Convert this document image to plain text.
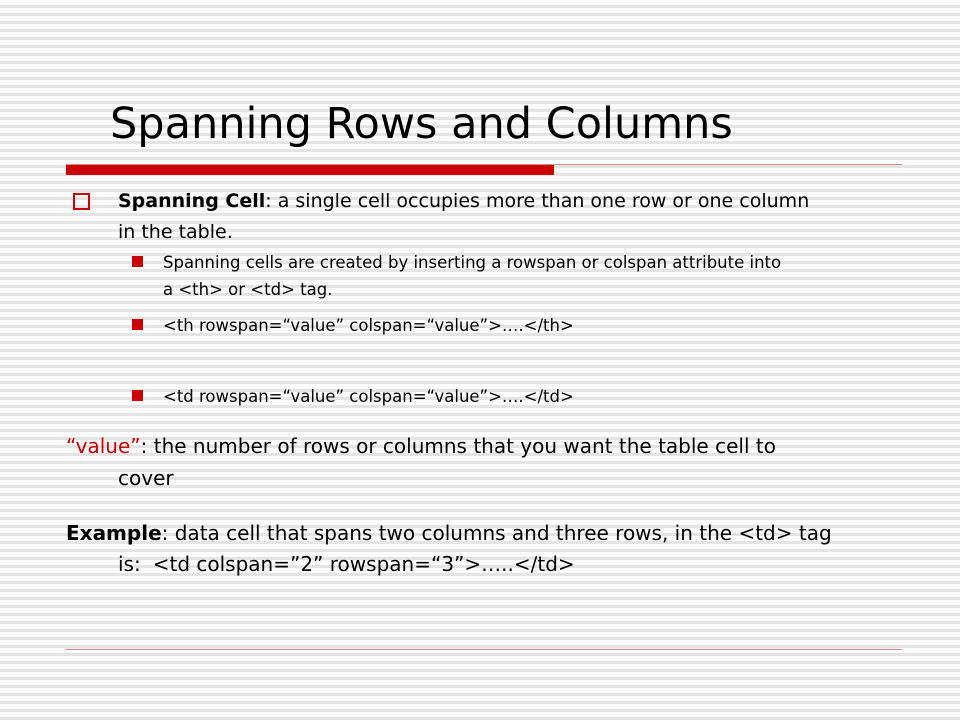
Spanning Rows and Columns
Spanning Cell: a single cell occupies more than one row or one column
in the table.
Spanning cells are created by inserting a rowspan or colspan attribute into
a <th> or <td> tag.
<th rowspan=“value” colspan=“value”>….</th>
<td rowspan=“value” colspan=“value”>….</td>
“value”: the number of rows or columns that you want the table cell to
cover
Example: data cell that spans two columns and three rows, in the <td> tag
is: <td colspan=”2” rowspan=“3”>…..</td>
